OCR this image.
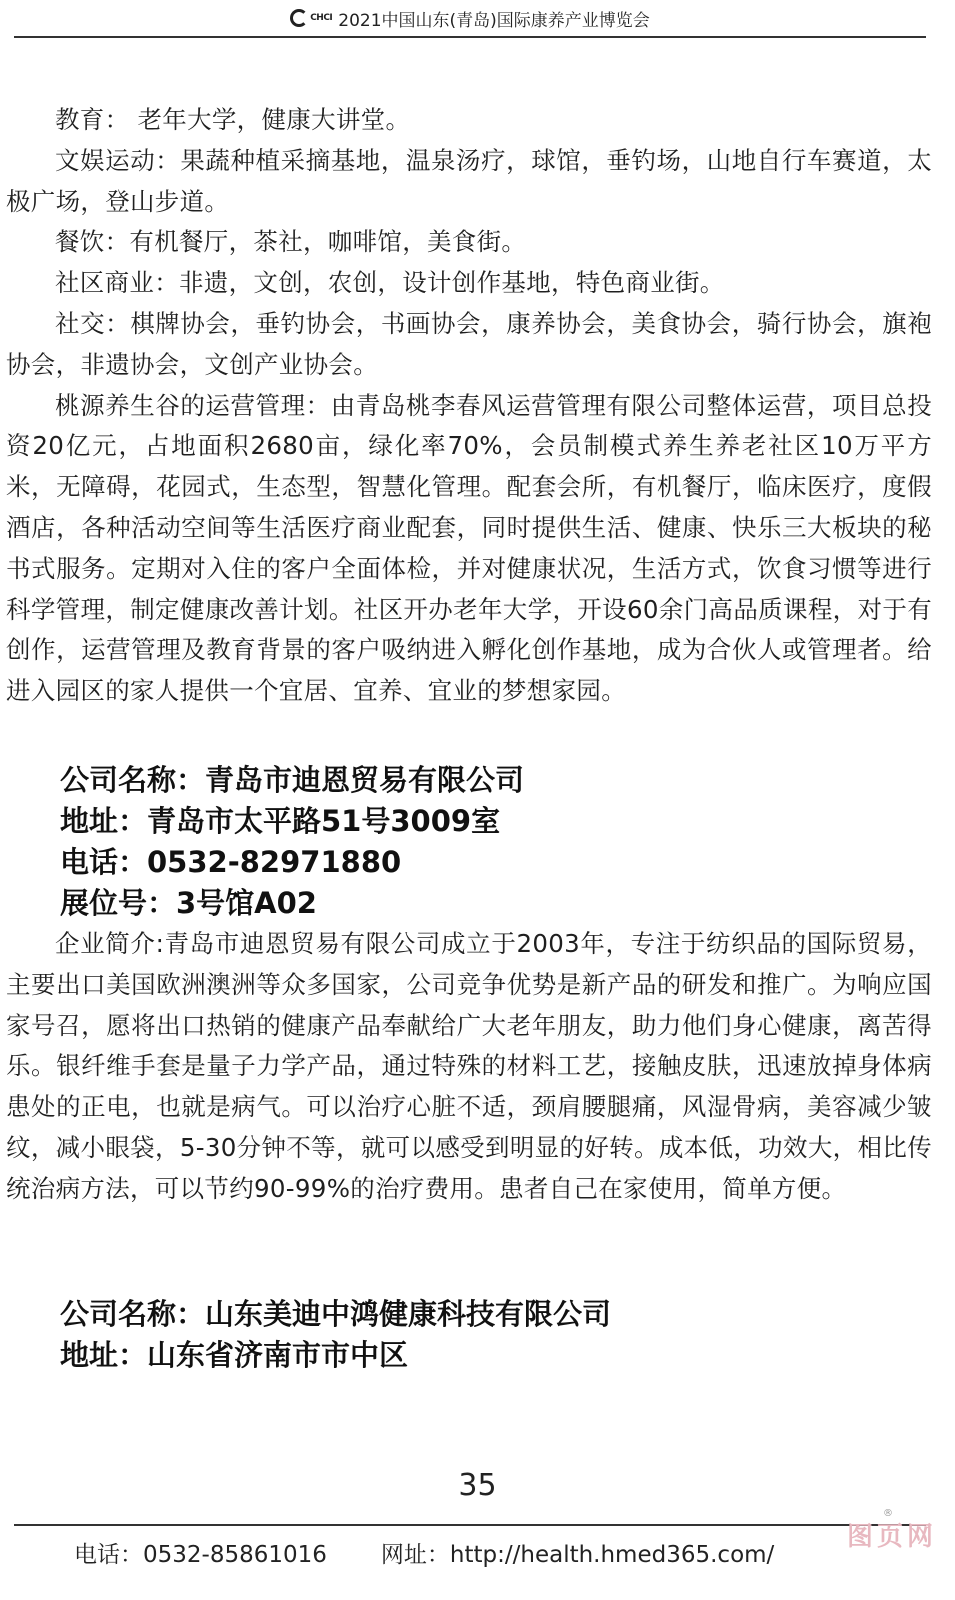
CHCI 2021中国山东(青岛)国际康养产业博览会

教育： 老年大学，健康大讲堂。

文娱运动：果蔬种植采摘基地，温泉汤疗，球馆，垂钓场，山地自行车赛道，太极广场，登山步道。

餐饮：有机餐厅，茶社，咖啡馆，美食街。

社区商业：非遗，文创，农创，设计创作基地，特色商业街。

社交：棋牌协会，垂钓协会，书画协会，康养协会，美食协会，骑行协会，旗袍协会，非遗协会，文创产业协会。

桃源养生谷的运营管理：由青岛桃李春风运营管理有限公司整体运营，项目总投资20亿元，占地面积2680亩，绿化率70%，会员制模式养生养老社区10万平方米，无障碍，花园式，生态型，智慧化管理。配套会所，有机餐厅，临床医疗，度假酒店，各种活动空间等生活医疗商业配套，同时提供生活、健康、快乐三大板块的秘书式服务。定期对入住的客户全面体检，并对健康状况，生活方式，饮食习惯等进行科学管理，制定健康改善计划。社区开办老年大学，开设60余门高品质课程，对于有创作，运营管理及教育背景的客户吸纳进入孵化创作基地，成为合伙人或管理者。给进入园区的家人提供一个宜居、宜养、宜业的梦想家园。

公司名称：青岛市迪恩贸易有限公司

地址：青岛市太平路51号3009室

电话：0532-82971880

展位号：3号馆A02

企业简介:青岛市迪恩贸易有限公司成立于2003年，专注于纺织品的国际贸易，主要出口美国欧洲澳洲等众多国家，公司竞争优势是新产品的研发和推广。为响应国家号召，愿将出口热销的健康产品奉献给广大老年朋友，助力他们身心健康，离苦得乐。银纤维手套是量子力学产品，通过特殊的材料工艺，接触皮肤，迅速放掉身体病患处的正电，也就是病气。可以治疗心脏不适，颈肩腰腿痛，风湿骨病，美容减少皱纹，减小眼袋，5-30分钟不等，就可以感受到明显的好转。成本低，功效大，相比传统治病方法，可以节约90-99%的治疗费用。患者自己在家使用，简单方便。

公司名称：山东美迪中鸿健康科技有限公司

地址：山东省济南市市中区

35
电话：0532-85861016 网址：http://health.hmed365.com/
®
图页网
